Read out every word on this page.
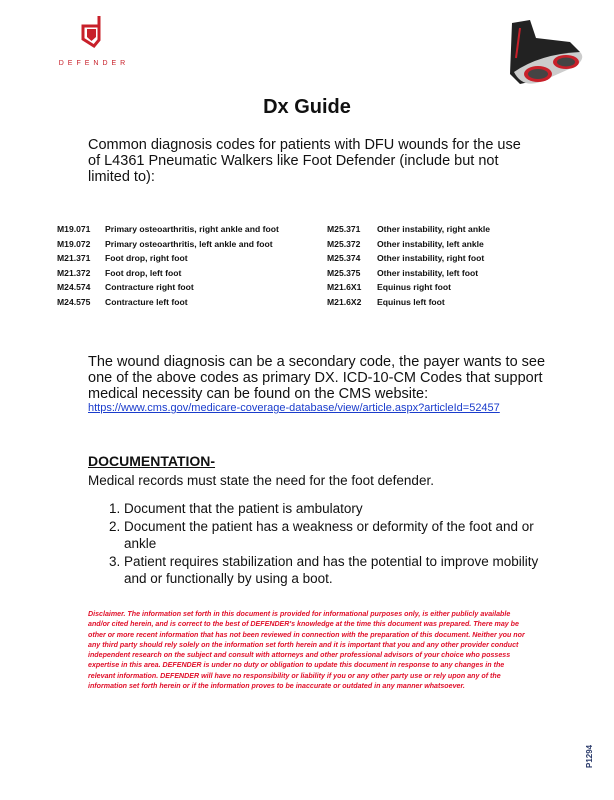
DEFENDER
Dx Guide
Common diagnosis codes for patients with DFU wounds for the use of L4361 Pneumatic Walkers like Foot Defender (include but not limited to):
M19.071	Primary osteoarthritis, right ankle and foot	M25.371	Other instability, right ankle
M19.072	Primary osteoarthritis, left ankle and foot	M25.372	Other instability, left ankle
M21.371	Foot drop, right foot	M25.374	Other instability, right foot
M21.372	Foot drop, left foot	M25.375	Other instability, left foot
M24.574	Contracture right foot	M21.6X1	Equinus right foot
M24.575	Contracture left foot	M21.6X2	Equinus left foot
The wound diagnosis can be a secondary code, the payer wants to see one of the above codes as primary DX. ICD-10-CM Codes that support medical necessity can be found on the CMS website:
https://www.cms.gov/medicare-coverage-database/view/article.aspx?articleId=52457
DOCUMENTATION-
Medical records must state the need for the foot defender.
1. Document that the patient is ambulatory
2. Document the patient has a weakness or deformity of the foot and or ankle
3. Patient requires stabilization and has the potential to improve mobility and or functionally by using a boot.
Disclaimer. The information set forth in this document is provided for informational purposes only, is either publicly available and/or cited herein, and is correct to the best of DEFENDER's knowledge at the time this document was prepared. There may be other or more recent information that has not been reviewed in connection with the preparation of this document. Neither you nor any third party should rely solely on the information set forth herein and it is important that you and any other provider conduct independent research on the subject and consult with attorneys and other professional advisors of your choice who possess expertise in this area. DEFENDER is under no duty or obligation to update this document in response to any changes in the relevant information. DEFENDER will have no responsibility or liability if you or any other party use or rely upon any of the information set forth herein or if the information proves to be inaccurate or outdated in any manner whatsoever.
P1294
